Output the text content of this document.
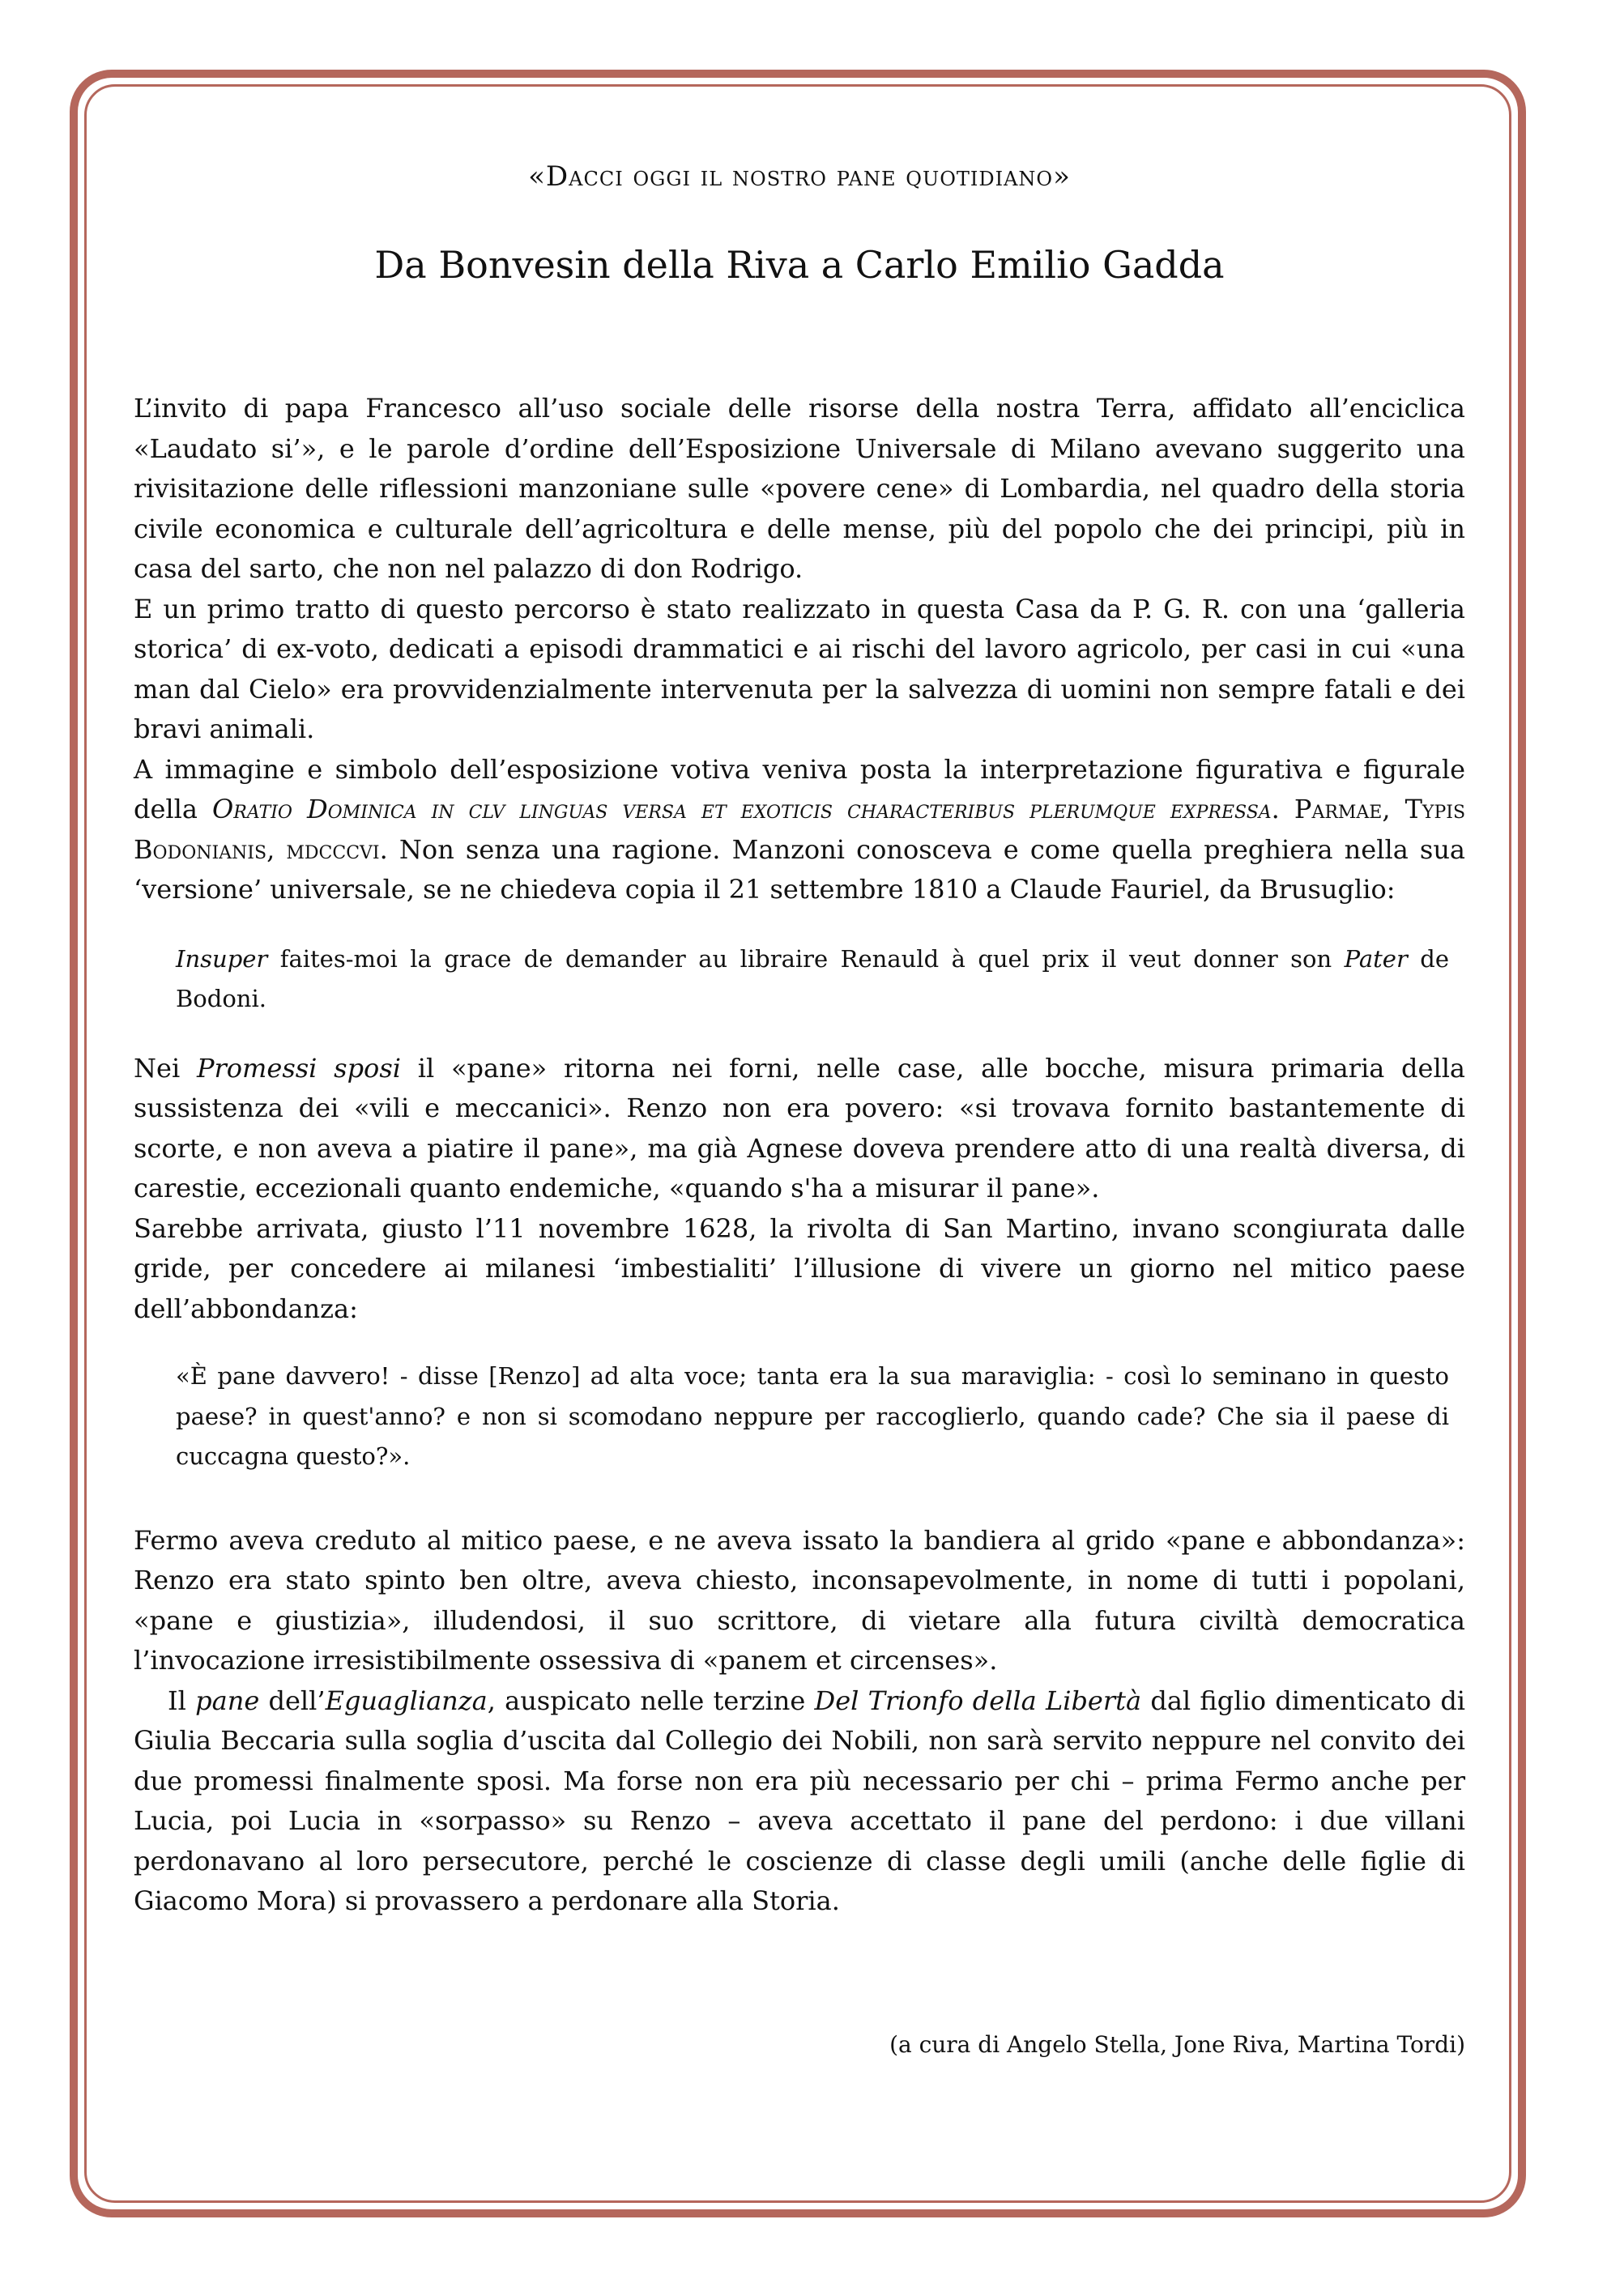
«Dacci oggi il nostro pane quotidiano»
Da Bonvesin della Riva a Carlo Emilio Gadda

L’invito di papa Francesco all’uso sociale delle risorse della nostra Terra, affidato all’enciclica «Laudato si’», e le parole d’ordine dell’Esposizione Universale di Milano avevano suggerito una rivisitazione delle riflessioni manzoniane sulle «povere cene» di Lombardia, nel quadro della storia civile economica e culturale dell’agricoltura e delle mense, più del popolo che dei principi, più in casa del sarto, che non nel palazzo di don Rodrigo.

E un primo tratto di questo percorso è stato realizzato in questa Casa da P. G. R. con una ‘galleria storica’ di ex-voto, dedicati a episodi drammatici e ai rischi del lavoro agricolo, per casi in cui «una man dal Cielo» era provvidenzialmente intervenuta per la salvezza di uomini non sempre fatali e dei bravi animali.

A immagine e simbolo dell’esposizione votiva veniva posta la interpretazione figurativa e figurale della Oratio Dominica in clv linguas versa et exoticis characteribus plerumque expressa. Parmae, Typis Bodonianis, mdcccvi. Non senza una ragione. Manzoni conosceva e come quella preghiera nella sua ‘versione’ universale, se ne chiedeva copia il 21 settembre 1810 a Claude Fauriel, da Brusuglio:

Insuper faites-moi la grace de demander au libraire Renauld à quel prix il veut donner son Pater de Bodoni.

Nei Promessi sposi il «pane» ritorna nei forni, nelle case, alle bocche, misura primaria della sussistenza dei «vili e meccanici». Renzo non era povero: «si trovava fornito bastantemente di scorte, e non aveva a piatire il pane», ma già Agnese doveva prendere atto di una realtà diversa, di carestie, eccezionali quanto endemiche, «quando s'ha a misurar il pane».

Sarebbe arrivata, giusto l’11 novembre 1628, la rivolta di San Martino, invano scongiurata dalle gride, per concedere ai milanesi ‘imbestialiti’ l’illusione di vivere un giorno nel mitico paese dell’abbondanza:

«È pane davvero! - disse [Renzo] ad alta voce; tanta era la sua maraviglia: - così lo seminano in questo paese? in quest'anno? e non si scomodano neppure per raccoglierlo, quando cade? Che sia il paese di cuccagna questo?».

Fermo aveva creduto al mitico paese, e ne aveva issato la bandiera al grido «pane e abbondanza»: Renzo era stato spinto ben oltre, aveva chiesto, inconsapevolmente, in nome di tutti i popolani, «pane e giustizia», illudendosi, il suo scrittore, di vietare alla futura civiltà democratica l’invocazione irresistibilmente ossessiva di «panem et circenses».

Il pane dell’Eguaglianza, auspicato nelle terzine Del Trionfo della Libertà dal figlio dimenticato di Giulia Beccaria sulla soglia d’uscita dal Collegio dei Nobili, non sarà servito neppure nel convito dei due promessi finalmente sposi. Ma forse non era più necessario per chi – prima Fermo anche per Lucia, poi Lucia in «sorpasso» su Renzo – aveva accettato il pane del perdono: i due villani perdonavano al loro persecutore, perché le coscienze di classe degli umili (anche delle figlie di Giacomo Mora) si provassero a perdonare alla Storia.

(a cura di Angelo Stella, Jone Riva, Martina Tordi)
